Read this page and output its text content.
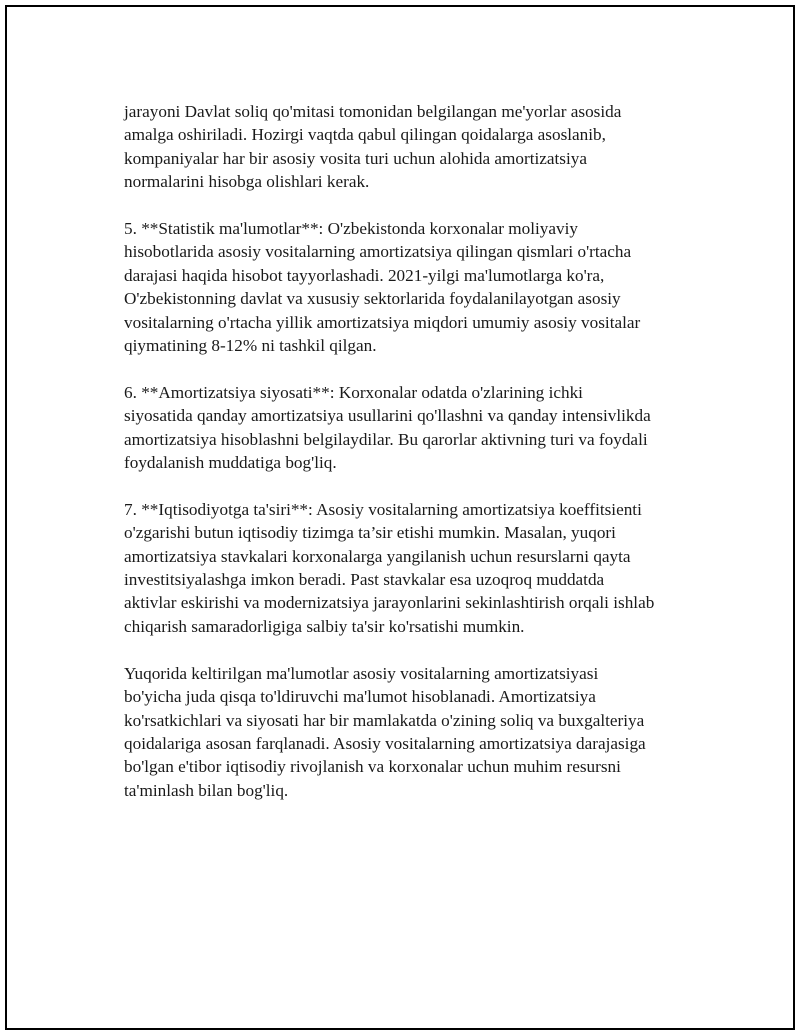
jarayoni Davlat soliq qo'mitasi tomonidan belgilangan me'yorlar asosida
amalga oshiriladi. Hozirgi vaqtda qabul qilingan qoidalarga asoslanib,
kompaniyalar har bir asosiy vosita turi uchun alohida amortizatsiya
normalarini hisobga olishlari kerak.

5. **Statistik ma'lumotlar**: O'zbekistonda korxonalar moliyaviy
hisobotlarida asosiy vositalarning amortizatsiya qilingan qismlari o'rtacha
darajasi haqida hisobot tayyorlashadi. 2021-yilgi ma'lumotlarga ko'ra,
O'zbekistonning davlat va xususiy sektorlarida foydalanilayotgan asosiy
vositalarning o'rtacha yillik amortizatsiya miqdori umumiy asosiy vositalar
qiymatining 8-12% ni tashkil qilgan.

6. **Amortizatsiya siyosati**: Korxonalar odatda o'zlarining ichki
siyosatida qanday amortizatsiya usullarini qo'llashni va qanday intensivlikda
amortizatsiya hisoblashni belgilaydilar. Bu qarorlar aktivning turi va foydali
foydalanish muddatiga bog'liq.

7. **Iqtisodiyotga ta'siri**: Asosiy vositalarning amortizatsiya koeffitsienti
o'zgarishi butun iqtisodiy tizimga ta’sir etishi mumkin. Masalan, yuqori
amortizatsiya stavkalari korxonalarga yangilanish uchun resurslarni qayta
investitsiyalashga imkon beradi. Past stavkalar esa uzoqroq muddatda
aktivlar eskirishi va modernizatsiya jarayonlarini sekinlashtirish orqali ishlab
chiqarish samaradorligiga salbiy ta'sir ko'rsatishi mumkin.

Yuqorida keltirilgan ma'lumotlar asosiy vositalarning amortizatsiyasi
bo'yicha juda qisqa to'ldiruvchi ma'lumot hisoblanadi. Amortizatsiya
ko'rsatkichlari va siyosati har bir mamlakatda o'zining soliq va buxgalteriya
qoidalariga asosan farqlanadi. Asosiy vositalarning amortizatsiya darajasiga
bo'lgan e'tibor iqtisodiy rivojlanish va korxonalar uchun muhim resursni
ta'minlash bilan bog'liq.
